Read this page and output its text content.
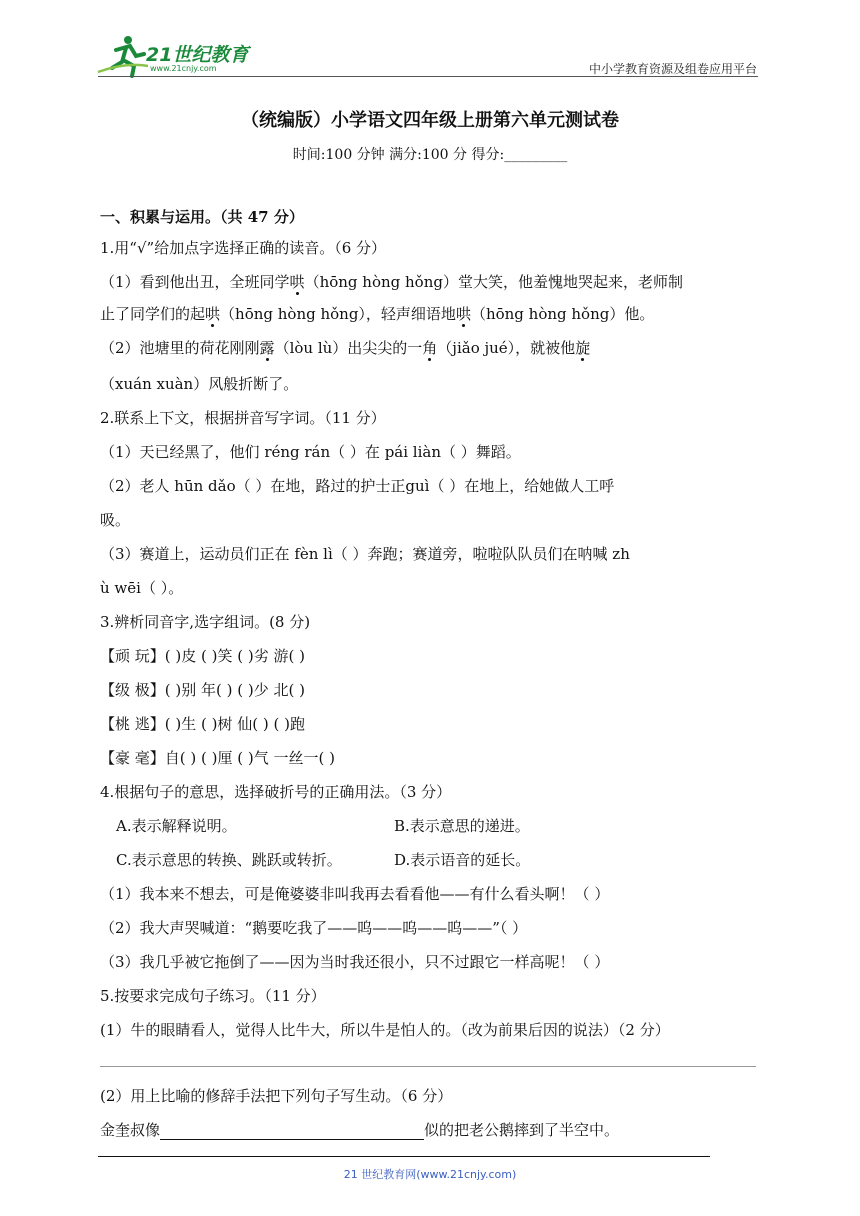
21世纪教育
www.21cnjy.com	中小学教育资源及组卷应用平台
（统编版）小学语文四年级上册第六单元测试卷
时间:100 分钟 满分:100 分 得分:_________
一、积累与运用。（共 47 分）
1.用“√”给加点字选择正确的读音。（6 分）
（1）看到他出丑，全班同学哄（hōng hòng hǒng）堂大笑，他羞愧地哭起来，老师制
止了同学们的起哄（hōng hòng hǒng），轻声细语地哄（hōng hòng hǒng）他。
（2）池塘里的荷花刚刚露（lòu lù）出尖尖的一角（jiǎo jué），就被他旋
（xuán xuàn）风般折断了。
2.联系上下文，根据拼音写字词。（11 分）
（1）天已经黑了，他们 réng rán（ ）在 pái liàn（ ）舞蹈。
（2）老人 hūn dǎo（ ）在地，路过的护士正guì（ ）在地上，给她做人工呼
吸。
（3）赛道上，运动员们正在 fèn lì（ ）奔跑；赛道旁，啦啦队队员们在呐喊 zh
ù wēi（ ）。
3.辨析同音字,选字组词。(8 分)
【顽 玩】( )皮 ( )笑 ( )劣 游( )
【级 极】( )别 年( ) ( )少 北( )
【桃 逃】( )生 ( )树 仙( ) ( )跑
【豪 毫】自( ) ( )厘 ( )气 一丝一( )
4.根据句子的意思，选择破折号的正确用法。（3 分）
A.表示解释说明。	B.表示意思的递进。
C.表示意思的转换、跳跃或转折。	D.表示语音的延长。
（1）我本来不想去，可是俺婆婆非叫我再去看看他——有什么看头啊！（ ）
（2）我大声哭喊道：“鹅要吃我了——呜——呜——呜——”（ ）
（3）我几乎被它拖倒了——因为当时我还很小，只不过跟它一样高呢！（ ）
5.按要求完成句子练习。（11 分）
(1）牛的眼睛看人，觉得人比牛大，所以牛是怕人的。（改为前果后因的说法）（2 分）
(2）用上比喻的修辞手法把下列句子写生动。（6 分）
金奎叔像	似的把老公鹅摔到了半空中。
21 世纪教育网(www.21cnjy.com)
